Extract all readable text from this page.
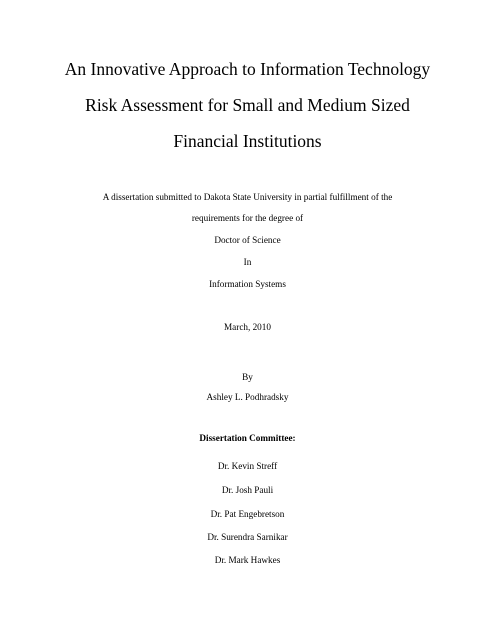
An Innovative Approach to Information Technology
Risk Assessment for Small and Medium Sized
Financial Institutions
A dissertation submitted to Dakota State University in partial fulfillment of the
requirements for the degree of
Doctor of Science
In
Information Systems
March, 2010
By
Ashley L. Podhradsky
Dissertation Committee:
Dr. Kevin Streff
Dr. Josh Pauli
Dr. Pat Engebretson
Dr. Surendra Sarnikar
Dr. Mark Hawkes
